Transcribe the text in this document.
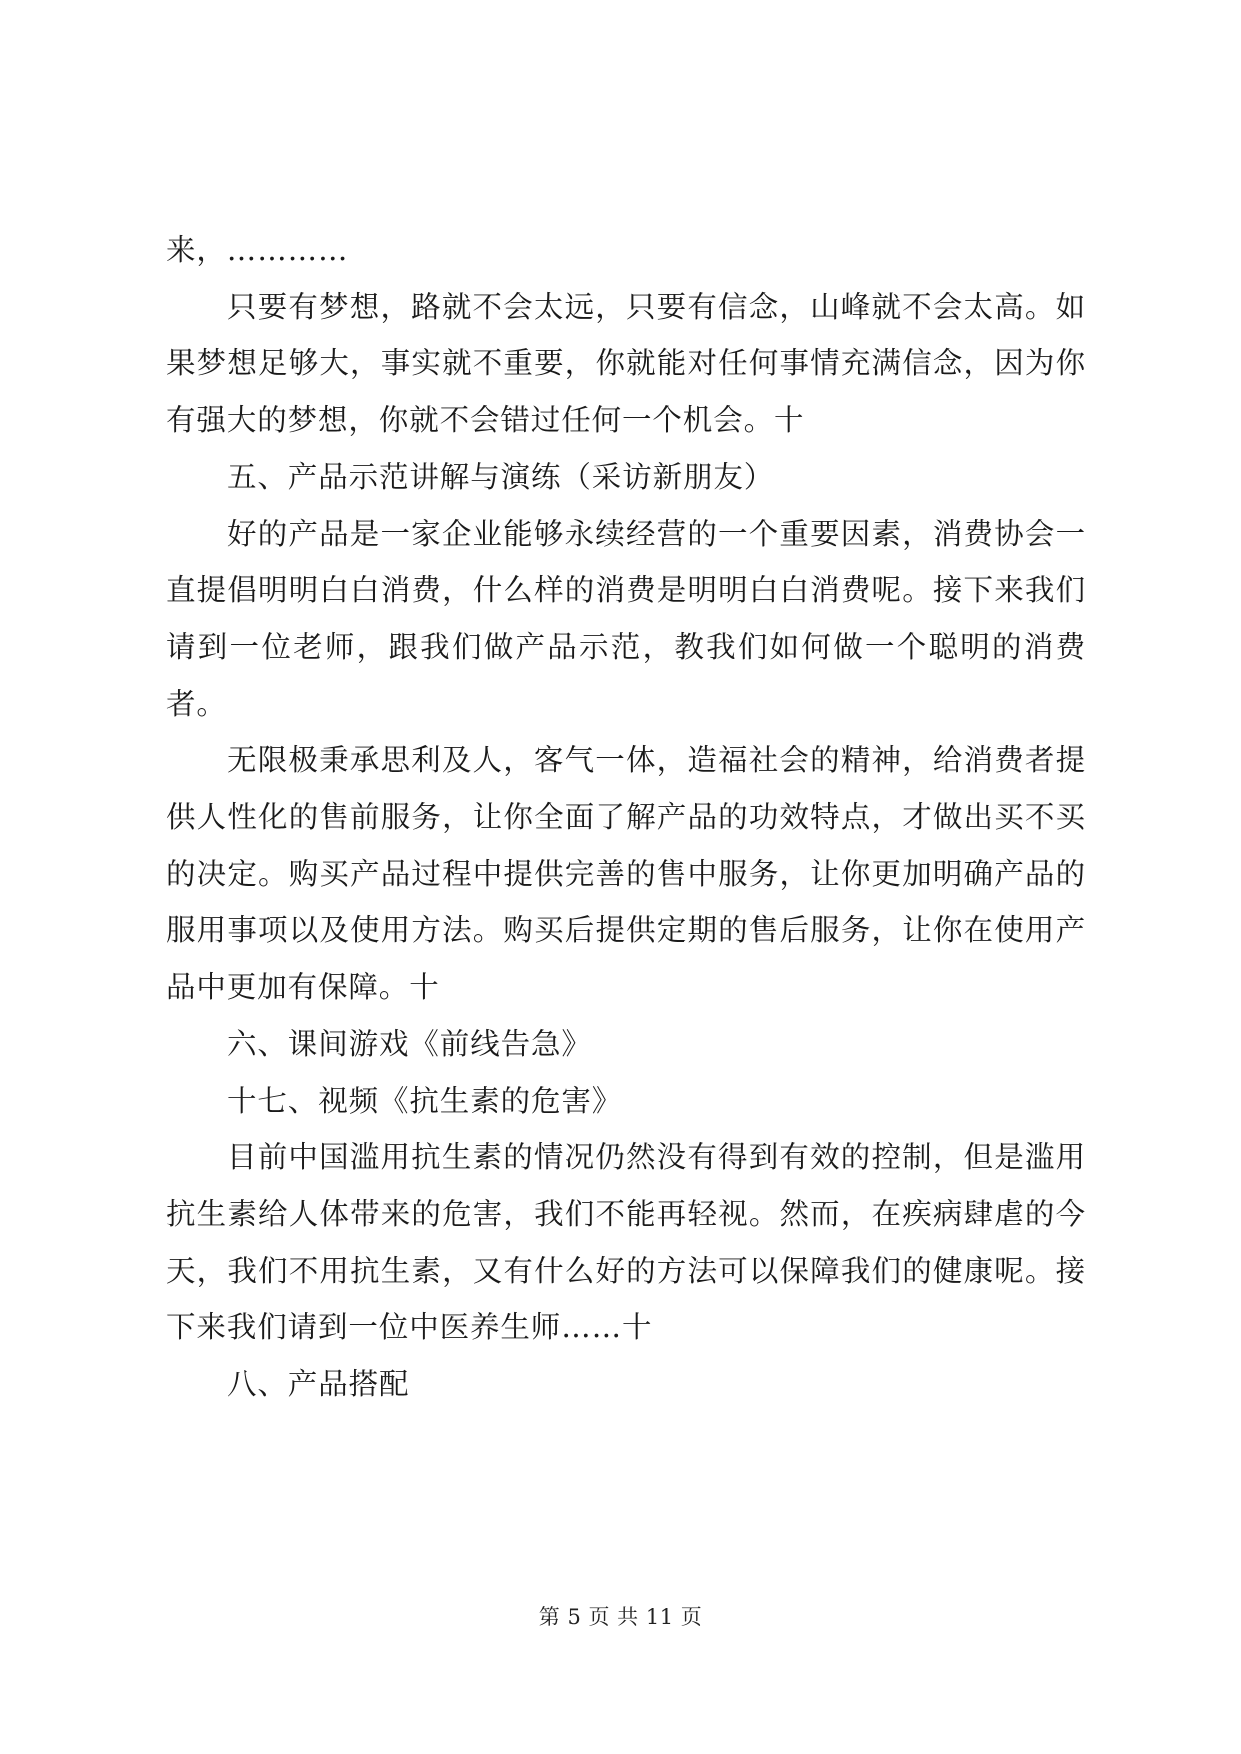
来，…………

只要有梦想，路就不会太远，只要有信念，山峰就不会太高。如果梦想足够大，事实就不重要，你就能对任何事情充满信念，因为你有强大的梦想，你就不会错过任何一个机会。十

五、产品示范讲解与演练（采访新朋友）

好的产品是一家企业能够永续经营的一个重要因素，消费协会一直提倡明明白白消费，什么样的消费是明明白白消费呢。接下来我们请到一位老师，跟我们做产品示范，教我们如何做一个聪明的消费者。

无限极秉承思利及人，客气一体，造福社会的精神，给消费者提供人性化的售前服务，让你全面了解产品的功效特点，才做出买不买的决定。购买产品过程中提供完善的售中服务，让你更加明确产品的服用事项以及使用方法。购买后提供定期的售后服务，让你在使用产品中更加有保障。十

六、课间游戏《前线告急》

十七、视频《抗生素的危害》

目前中国滥用抗生素的情况仍然没有得到有效的控制，但是滥用抗生素给人体带来的危害，我们不能再轻视。然而，在疾病肆虐的今天，我们不用抗生素，又有什么好的方法可以保障我们的健康呢。接下来我们请到一位中医养生师……十

八、产品搭配

第 5 页 共 11 页
